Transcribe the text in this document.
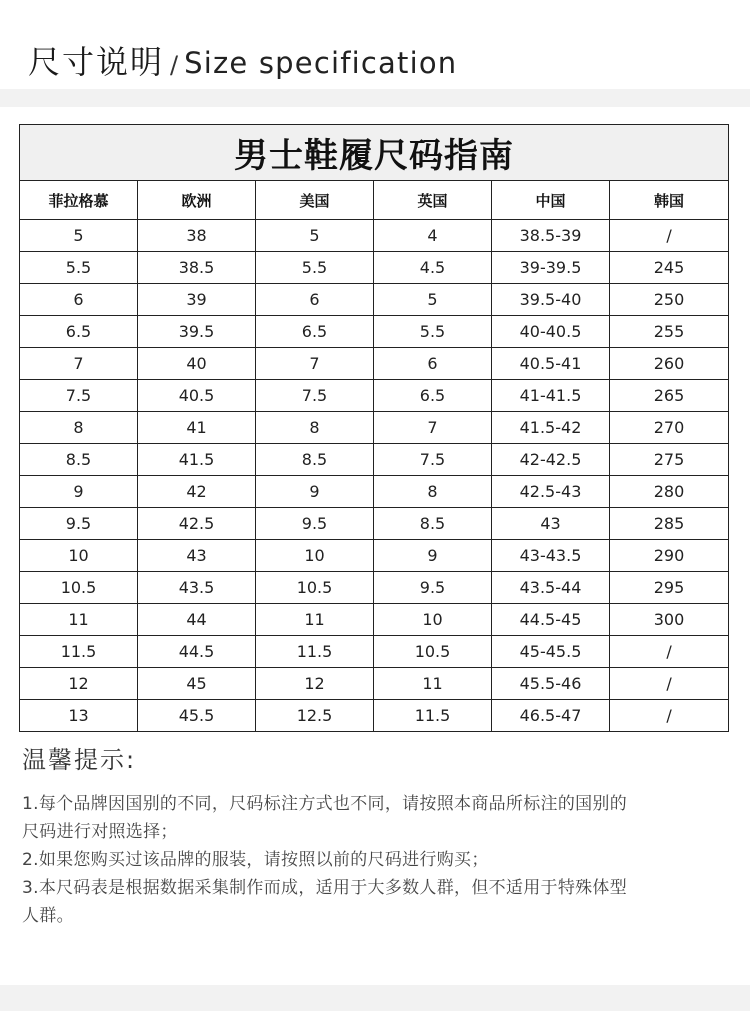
尺寸说明 / Size specification
男士鞋履尺码指南					
菲拉格慕	欧洲	美国	英国	中国	韩国
5	38	5	4	38.5-39	/
5.5	38.5	5.5	4.5	39-39.5	245
6	39	6	5	39.5-40	250
6.5	39.5	6.5	5.5	40-40.5	255
7	40	7	6	40.5-41	260
7.5	40.5	7.5	6.5	41-41.5	265
8	41	8	7	41.5-42	270
8.5	41.5	8.5	7.5	42-42.5	275
9	42	9	8	42.5-43	280
9.5	42.5	9.5	8.5	43	285
10	43	10	9	43-43.5	290
10.5	43.5	10.5	9.5	43.5-44	295
11	44	11	10	44.5-45	300
11.5	44.5	11.5	10.5	45-45.5	/
12	45	12	11	45.5-46	/
13	45.5	12.5	11.5	46.5-47	/
温馨提示:
1.每个品牌因国别的不同，尺码标注方式也不同，请按照本商品所标注的国别的
尺码进行对照选择；
2.如果您购买过该品牌的服装，请按照以前的尺码进行购买；
3.本尺码表是根据数据采集制作而成，适用于大多数人群，但不适用于特殊体型
人群。
